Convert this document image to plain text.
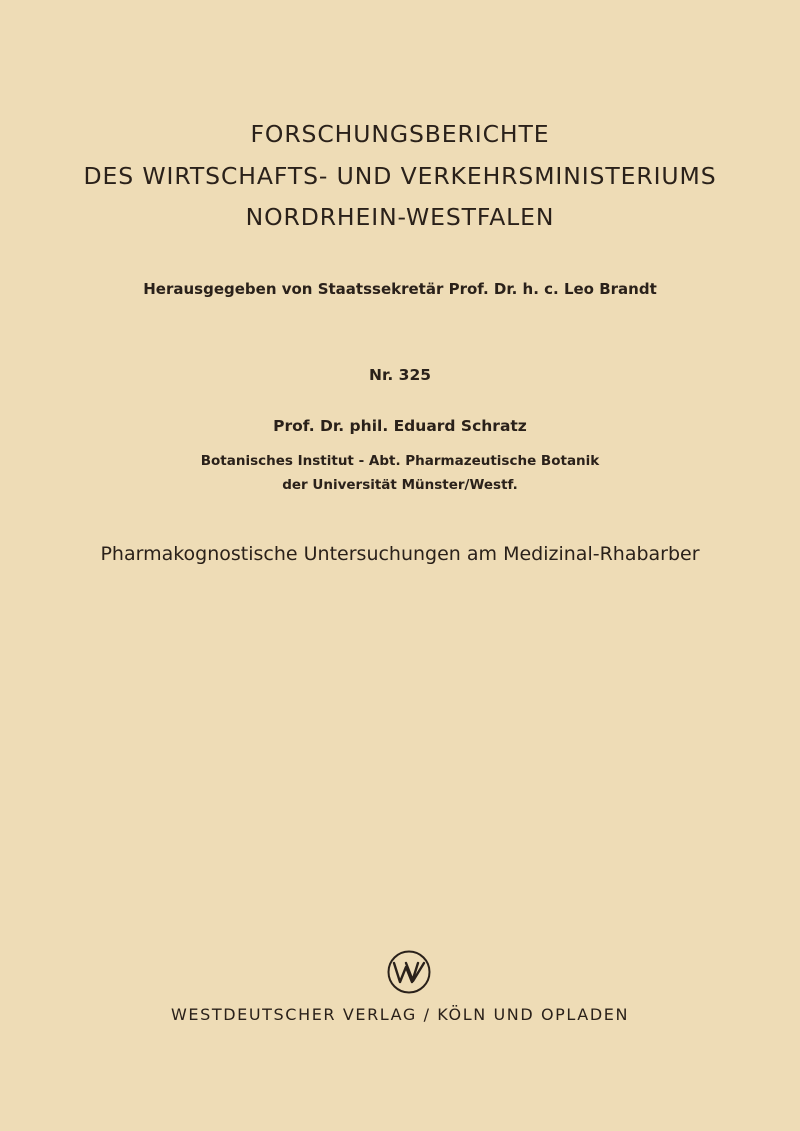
FORSCHUNGSBERICHTE
DES WIRTSCHAFTS- UND VERKEHRSMINISTERIUMS
NORDRHEIN-WESTFALEN
Herausgegeben von Staatssekretär Prof. Dr. h. c. Leo Brandt
Nr. 325
Prof. Dr. phil. Eduard Schratz
Botanisches Institut - Abt. Pharmazeutische Botanik
der Universität Münster/Westf.
Pharmakognostische Untersuchungen am Medizinal-Rhabarber
WESTDEUTSCHER VERLAG / KÖLN UND OPLADEN
